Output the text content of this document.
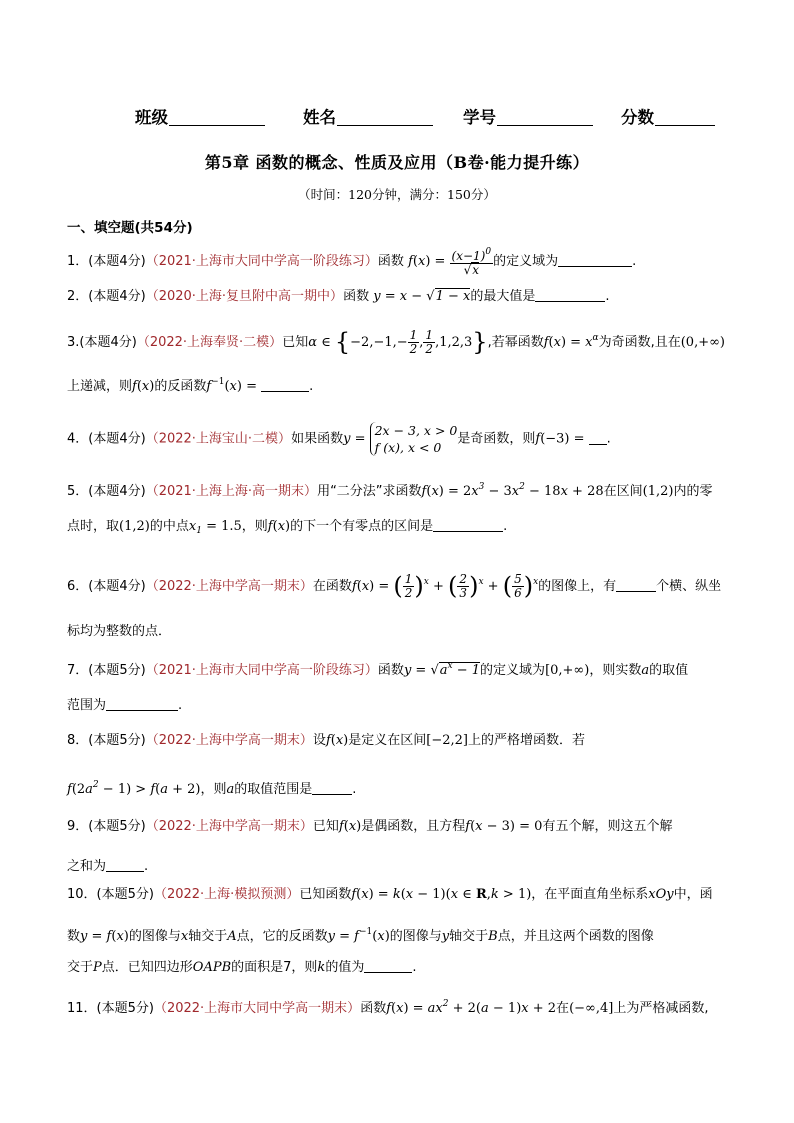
班级	姓名	学号	分数
第5章 函数的概念、性质及应用（B卷·能力提升练）
（时间：120分钟，满分：150分）
一、填空题(共54分)
1．(本题4分)（2021·上海市大同中学高一阶段练习）函数 $f(x) = \frac{(x-1)^0}{√x}$ 的定义域为	.
2．(本题4分)（2020·上海·复旦附中高一期中）函数 y = x − √1 − x的最大值是	.
3.(本题4分)（2022·上海奉贤·二模）已知α ∈ {$-2,-1,- \frac{1}{2}$ , $\frac{1}{2} ,1,2,3$},若幂函数$f(x) = x^\alpha$为奇函数,且在(0,+∞)
上递减，则f(x)的反函数$f^{-1}(x)$ =	.
4．(本题4分)（2022·上海宝山·二模）如果函数y =
2x − 3, x > 0
f (x), x < 0
是奇函数，则f(−3) = .
5．(本题4分)（2021·上海上海·高一期末）用“二分法”求函数$f(x) = 2x^3 - 3x^2 - 18x + 28$在区间(1,2)内的零
点时，取(1,2)的中点$x_1 = 1.5$，则f(x)的下一个有零点的区间是	.
6．(本题4分)（2022·上海中学高一期末）在函数f(x) = ( $\frac{1}{2} )^x$ + ( $\frac{2}{3} )^x$ + ( $\frac{5}{6} )^x$的图像上，有	个横、纵坐
标均为整数的点．
7．(本题5分)（2021·上海市大同中学高一阶段练习）函数$y = √a^x - 1$的定义域为[0,+∞)，则实数a的取值
范围为	.
8．(本题5分)（2022·上海中学高一期末）设f(x)是定义在区间[−2,2]上的严格增函数．若
$f(2a^2 - 1) > f(a + 2)$，则a的取值范围是	.
9．(本题5分)（2022·上海中学高一期末）已知f(x)是偶函数，且方程f(x − 3) = 0有五个解，则这五个解
之和为	.
10．(本题5分)（2022·上海·模拟预测）已知函数f(x) = k(x − 1)(x ∈ R,k > 1)，在平面直角坐标系xOy中，函
数y = f(x)的图像与x轴交于A点，它的反函数$y = f^{-1}(x)$的图像与y轴交于B点，并且这两个函数的图像
交于P点．已知四边形OAPB的面积是7，则k的值为	.
11．(本题5分)（2022·上海市大同中学高一期末）函数$f(x) = ax^2 + 2(a - 1)x + 2$在(−∞,4]上为严格减函数,
